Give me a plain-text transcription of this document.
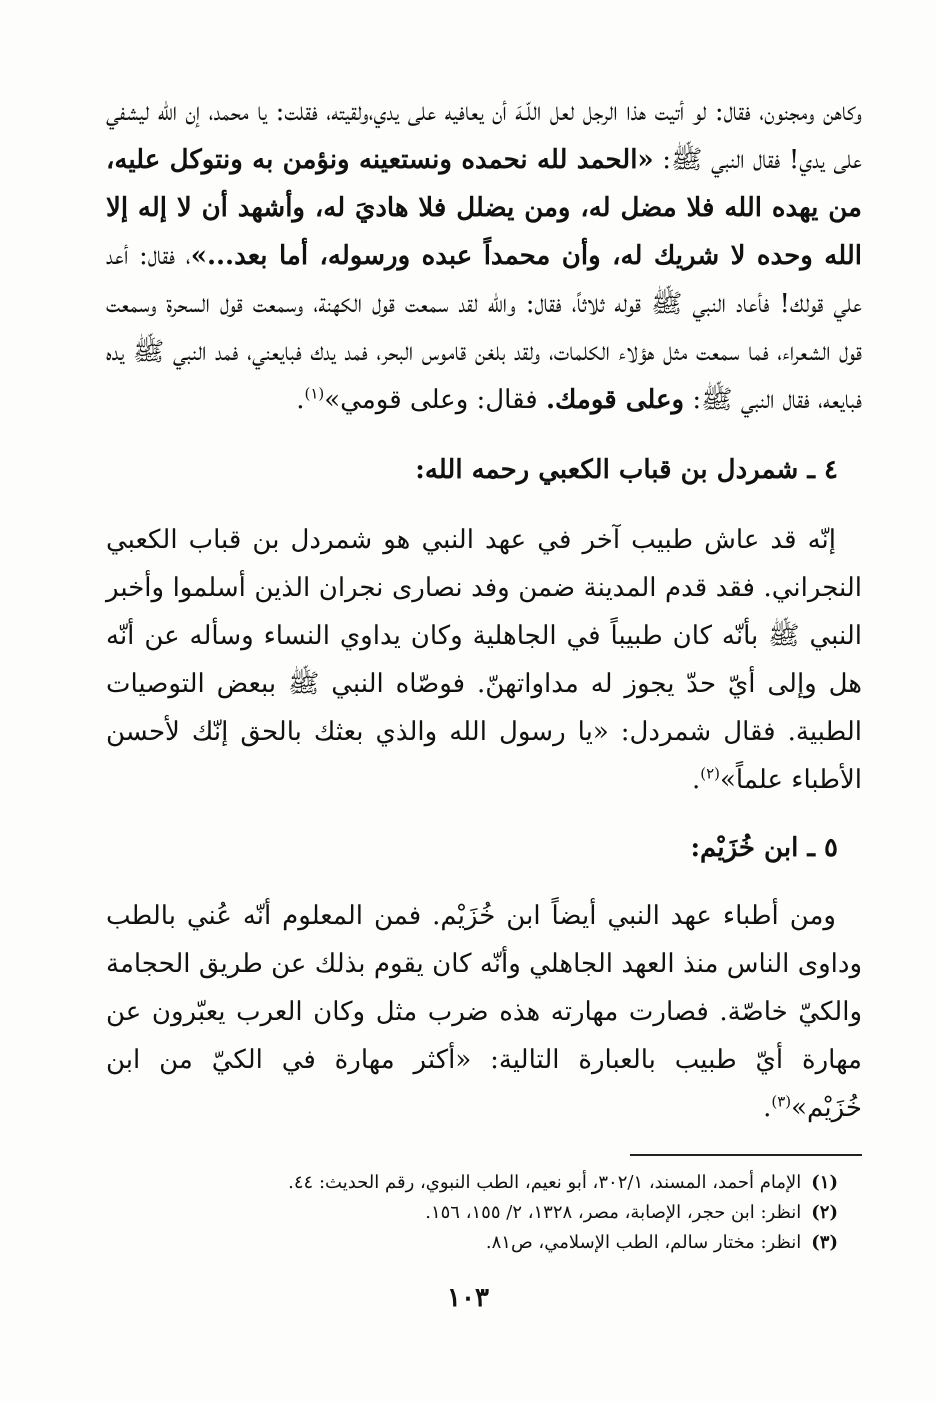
وكاهن ومجنون، فقال: لو أتيت هذا الرجل لعل اللّـهَ أن يعافيه على يدي،ولقيته، فقلت: يا محمد، إن الله ليشفي على يدي! فقال النبي ﷺ: «الحمد لله نحمده ونستعينه ونؤمن به ونتوكل عليه، من يهده الله فلا مضل له، ومن يضلل فلا هاديَ له، وأشهد أن لا إله إلا الله وحده لا شريك له، وأن محمداً عبده ورسوله، أما بعد...»، فقال: أعد علي قولك! فأعاد النبي ﷺ قوله ثلاثاً، فقال: والله لقد سمعت قول الكهنة، وسمعت قول السحرة وسمعت قول الشعراء، فما سمعت مثل هؤلاء الكلمات، ولقد بلغن قاموس البحر، فمد يدك فبايعني، فمد النبي ﷺ يده فبايعه، فقال النبي ﷺ: وعلى قومك. فقال: وعلى قومي»$^{(١)}$.

٤ ـ شمردل بن قباب الكعبي رحمه الله:

إنّه قد عاش طبيب آخر في عهد النبي هو شمردل بن قباب الكعبي النجراني. فقد قدم المدينة ضمن وفد نصارى نجران الذين أسلموا وأخبر النبي ﷺ بأنّه كان طبيباً في الجاهلية وكان يداوي النساء وسأله عن أنّه هل وإلى أيّ حدّ يجوز له مداواتهنّ. فوصّاه النبي ﷺ ببعض التوصيات الطبية. فقال شمردل: «يا رسول الله والذي بعثك بالحق إنّك لأحسن الأطباء علماً»$^{(٢)}$.

٥ ـ ابن خُزَيْم:

ومن أطباء عهد النبي أيضاً ابن خُزَيْم. فمن المعلوم أنّه عُني بالطب وداوى الناس منذ العهد الجاهلي وأنّه كان يقوم بذلك عن طريق الحجامة والكيّ خاصّة. فصارت مهارته هذه ضرب مثل وكان العرب يعبّرون عن مهارة أيّ طبيب بالعبارة التالية: «أكثر مهارة في الكيّ من ابن خُزَيْم»$^{(٣)}$.

(١)الإمام أحمد، المسند، ٣٠٢/١، أبو نعيم، الطب النبوي، رقم الحديث: ٤٤.

(٢)انظر: ابن حجر، الإصابة، مصر، ١٣٢٨، ٢/ ١٥٥، ١٥٦.

(٣)انظر: مختار سالم، الطب الإسلامي، ص٨١.

١٠٣
